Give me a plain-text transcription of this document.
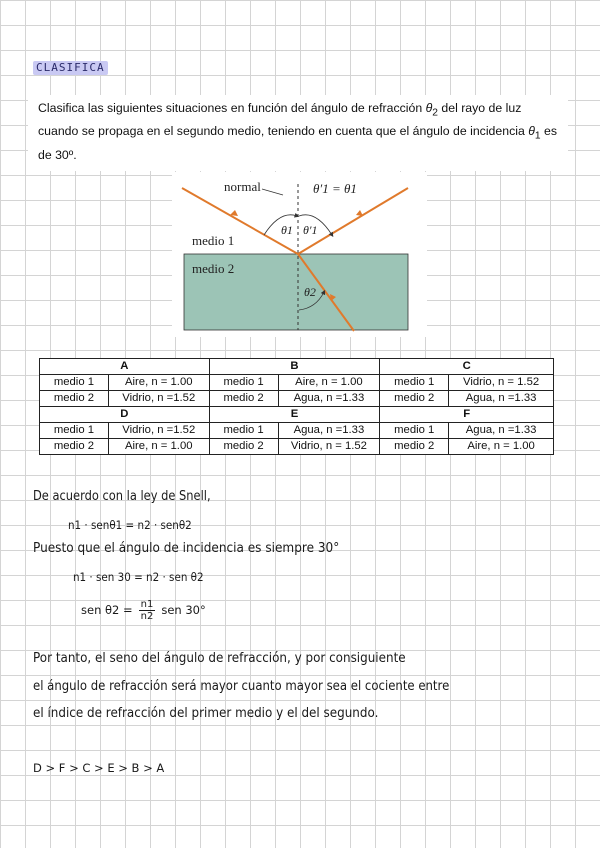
CLASIFICA
Clasifica las siguientes situaciones en función del ángulo de refracción $\theta_2$ del rayo de luz cuando se propaga en el segundo medio, teniendo en cuenta que el ángulo de incidencia $\theta_1$ es de 30º.
normal	θ′1 = θ1
θ1 θ′1
θ2
medio 1
medio 2
A		B		C	
medio 1	Aire, n = 1.00	medio 1	Aire, n = 1.00	medio 1	Vidrio, n = 1.52
medio 2	Vidrio, n =1.52	medio 2	Agua, n =1.33	medio 2	Agua, n =1.33
D		E		F	
medio 1	Vidrio, n =1.52	medio 1	Agua, n =1.33	medio 1	Agua, n =1.33
medio 2	Aire, n = 1.00	medio 2	Vidrio, n = 1.52	medio 2	Aire, n = 1.00
De acuerdo con la ley de Snell,
n1 · senθ1 = n2 · senθ2
Puesto que el ángulo de incidencia es siempre 30°
n1 · sen 30 = n2 · sen θ2
sen $\theta 2 = \frac{n1}{n2}$ sen 30°
Por tanto, el seno del ángulo de refracción, y por consiguiente
el ángulo de refracción será mayor cuanto mayor sea el cociente entre
el índice de refracción del primer medio y el del segundo.
D > F > C > E > B > A
